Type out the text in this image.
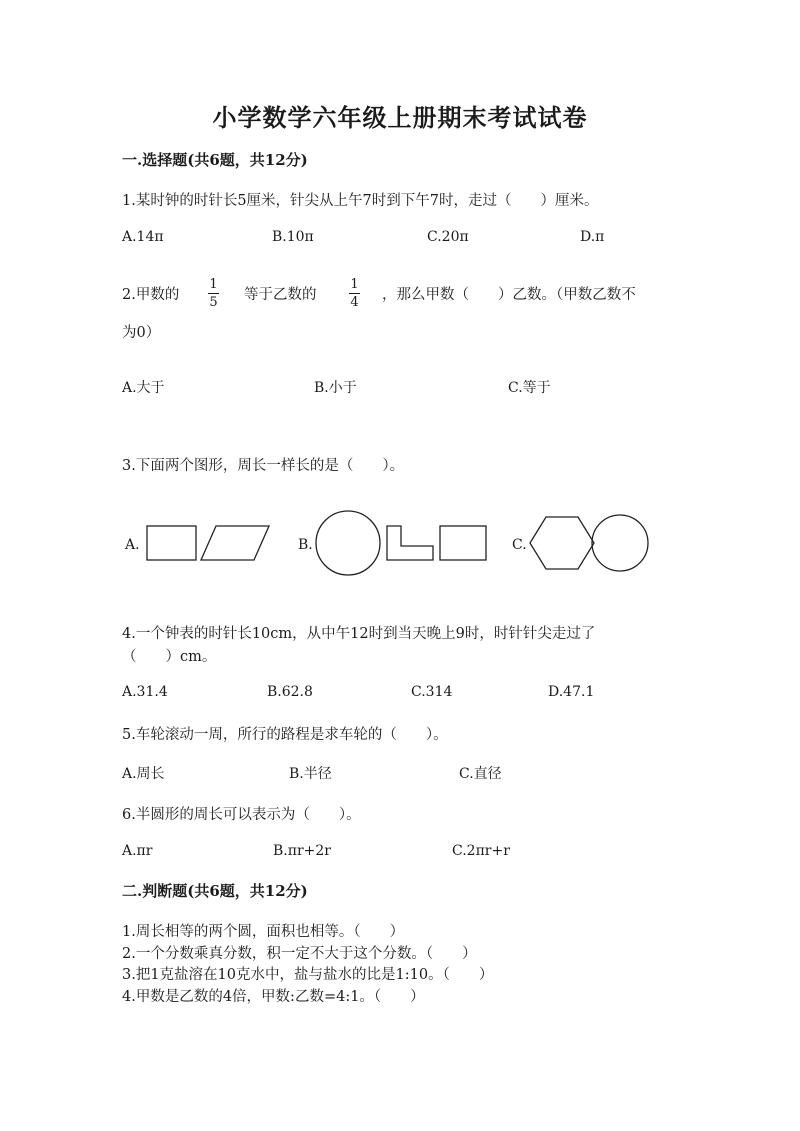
小学数学六年级上册期末考试试卷
一.选择题(共6题，共12分)
1.某时钟的时针长5厘米，针尖从上午7时到下午7时，走过（　　）厘米。
A.14π	B.10π	C.20π	D.π
2.甲数的
1
5 等于乙数的
1
4 ，那么甲数（　　）乙数。（甲数乙数不
为0）
A.大于	B.小于	C.等于
3.下面两个图形，周长一样长的是（　　）。
A.	B.	C.
4.一个钟表的时针长10cm，从中午12时到当天晚上9时，时针针尖走过了
（　　）cm。
A.31.4	B.62.8	C.314	D.47.1
5.车轮滚动一周，所行的路程是求车轮的（　　）。
A.周长	B.半径	C.直径
6.半圆形的周长可以表示为（　　）。
A.πr	B.πr+2r	C.2πr+r
二.判断题(共6题，共12分)
1.周长相等的两个圆，面积也相等。（　　）
2.一个分数乘真分数，积一定不大于这个分数。（　　）
3.把1克盐溶在10克水中，盐与盐水的比是1:10。（　　）
4.甲数是乙数的4倍，甲数:乙数=4:1。（　　）
